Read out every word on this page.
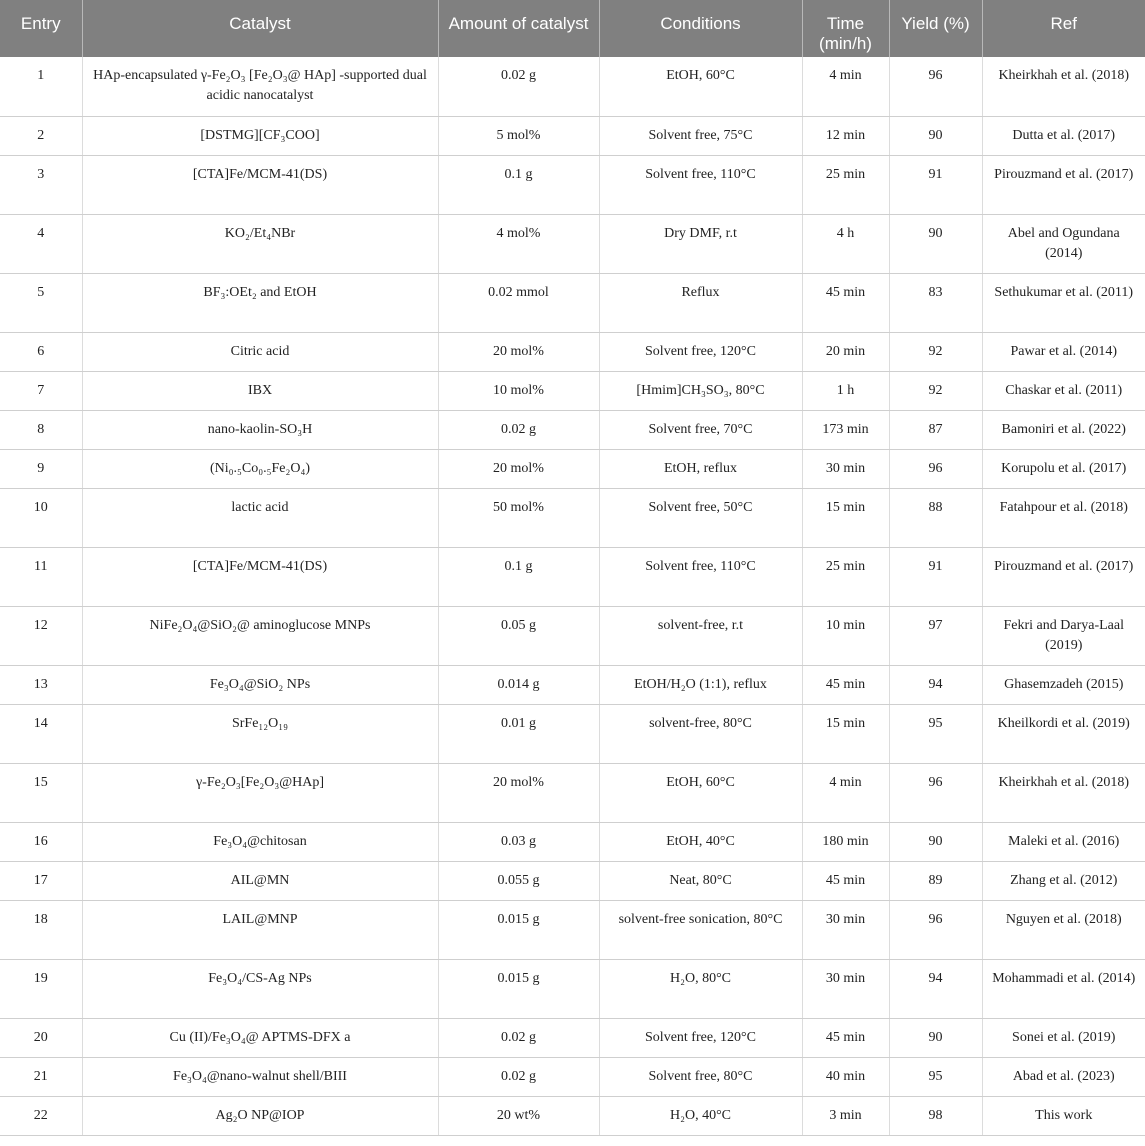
Entry	Catalyst	Amount of catalyst	Conditions	Time (min/h)	Yield (%)	Ref
1	HAp-encapsulated γ-Fe₂O₃ [Fe₂O₃@ HAp] -supported dual acidic nanocatalyst	0.02 g	EtOH, 60°C	4 min	96	Kheirkhah et al. (2018)
2	[DSTMG][CF₃COO]	5 mol%	Solvent free, 75°C	12 min	90	Dutta et al. (2017)
3	[CTA]Fe/MCM-41(DS)	0.1 g	Solvent free, 110°C	25 min	91	Pirouzmand et al. (2017)
4	KO₂/Et₄NBr	4 mol%	Dry DMF, r.t	4 h	90	Abel and Ogundana (2014)
5	BF₃:OEt₂ and EtOH	0.02 mmol	Reflux	45 min	83	Sethukumar et al. (2011)
6	Citric acid	20 mol%	Solvent free, 120°C	20 min	92	Pawar et al. (2014)
7	IBX	10 mol%	[Hmim]CH₃SO₃, 80°C	1 h	92	Chaskar et al. (2011)
8	nano-kaolin-SO₃H	0.02 g	Solvent free, 70°C	173 min	87	Bamoniri et al. (2022)
9	(Ni₀.₅Co₀.₅Fe₂O₄)	20 mol%	EtOH, reflux	30 min	96	Korupolu et al. (2017)
10	lactic acid	50 mol%	Solvent free, 50°C	15 min	88	Fatahpour et al. (2018)
11	[CTA]Fe/MCM-41(DS)	0.1 g	Solvent free, 110°C	25 min	91	Pirouzmand et al. (2017)
12	NiFe₂O₄@SiO₂@ aminoglucose MNPs	0.05 g	solvent-free, r.t	10 min	97	Fekri and Darya-Laal (2019)
13	Fe₃O₄@SiO₂ NPs	0.014 g	EtOH/H₂O (1:1), reflux	45 min	94	Ghasemzadeh (2015)
14	SrFe₁₂O₁₉	0.01 g	solvent-free, 80°C	15 min	95	Kheilkordi et al. (2019)
15	γ-Fe₂O₃[Fe₂O₃@HAp]	20 mol%	EtOH, 60°C	4 min	96	Kheirkhah et al. (2018)
16	Fe₃O₄@chitosan	0.03 g	EtOH, 40°C	180 min	90	Maleki et al. (2016)
17	AIL@MN	0.055 g	Neat, 80°C	45 min	89	Zhang et al. (2012)
18	LAIL@MNP	0.015 g	solvent-free sonication, 80°C	30 min	96	Nguyen et al. (2018)
19	Fe₃O₄/CS-Ag NPs	0.015 g	H₂O, 80°C	30 min	94	Mohammadi et al. (2014)
20	Cu (II)/Fe₃O₄@ APTMS-DFX a	0.02 g	Solvent free, 120°C	45 min	90	Sonei et al. (2019)
21	Fe₃O₄@nano-walnut shell/BIII	0.02 g	Solvent free, 80°C	40 min	95	Abad et al. (2023)
22	Ag₂O NP@IOP	20 wt%	H₂O, 40°C	3 min	98	This work
